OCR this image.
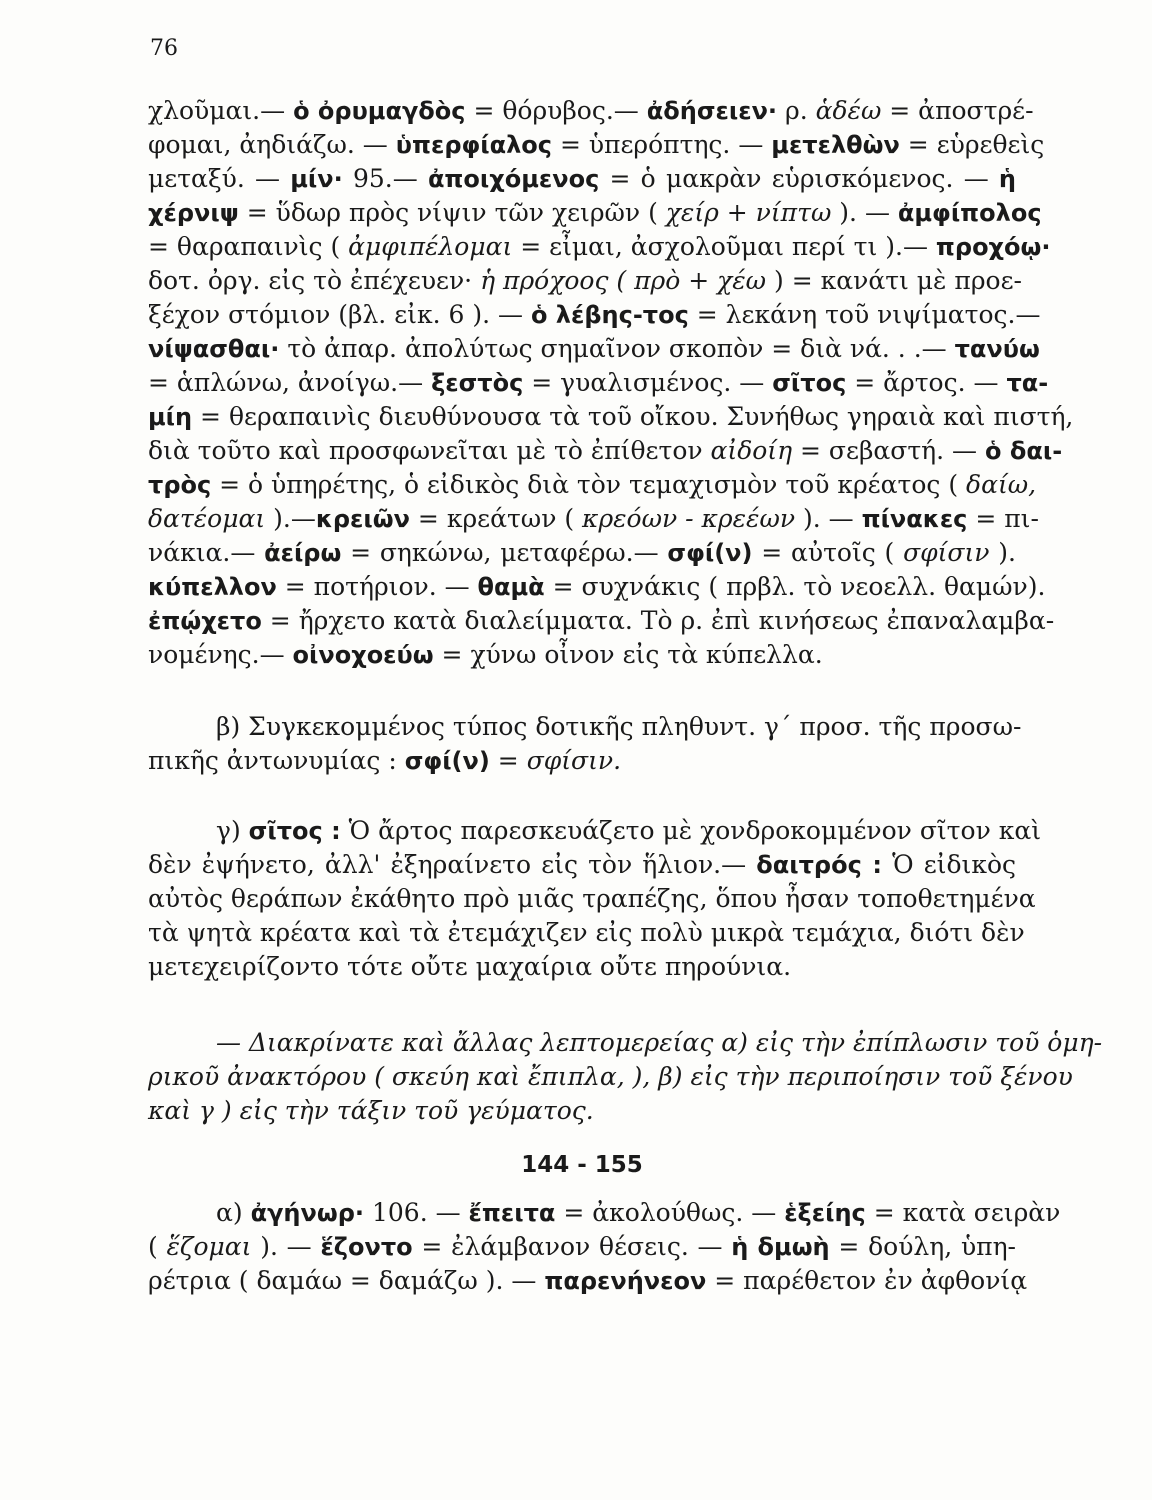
76
χλοῦμαι.— ὁ ὀρυμαγδὸς = θόρυβος.— ἀδήσειεν· ρ. ἁδέω = ἀποστρέ-
φομαι, ἀηδιάζω. — ὑπερφίαλος = ὑπερόπτης. — μετελθὼν = εὑρεθεὶς
μεταξύ. — μίν· 95.— ἀποιχόμενος = ὁ μακρὰν εὑρισκόμενος. — ἡ
χέρνιψ = ὕδωρ πρὸς νίψιν τῶν χειρῶν ( χείρ + νίπτω ). — ἀμφίπολος
= θαραπαινὶς ( ἀμφιπέλομαι = εἶμαι, ἀσχολοῦμαι περί τι ).— προχόῳ·
δοτ. ὀργ. εἰς τὸ ἐπέχευεν· ἡ πρόχοος ( πρὸ + χέω ) = κανάτι μὲ προε-
ξέχον στόμιον (βλ. εἰκ. 6 ). — ὁ λέβης-τος = λεκάνη τοῦ νιψίματος.—
νίψασθαι· τὸ ἀπαρ. ἀπολύτως σημαῖνον σκοπὸν = διὰ νά. . .— τανύω
= ἁπλώνω, ἀνοίγω.— ξεστὸς = γυαλισμένος. — σῖτος = ἄρτος. — τα-
μίη = θεραπαινὶς διευθύνουσα τὰ τοῦ οἴκου. Συνήθως γηραιὰ καὶ πιστή,
διὰ τοῦτο καὶ προσφωνεῖται μὲ τὸ ἐπίθετον αἰδοίη = σεβαστή. — ὁ δαι-
τρὸς = ὁ ὑπηρέτης, ὁ εἰδικὸς διὰ τὸν τεμαχισμὸν τοῦ κρέατος ( δαίω,
δατέομαι ).—κρειῶν = κρεάτων ( κρεόων - κρεέων ). — πίνακες = πι-
νάκια.— ἀείρω = σηκώνω, μεταφέρω.— σφί(ν) = αὐτοῖς ( σφίσιν ).
κύπελλον = ποτήριον. — θαμὰ = συχνάκις ( πρβλ. τὸ νεοελλ. θαμών).
ἐπῴχετο = ἤρχετο κατὰ διαλείμματα. Τὸ ρ. ἐπὶ κινήσεως ἐπαναλαμβα-
νομένης.— οἰνοχοεύω = χύνω οἶνον εἰς τὰ κύπελλα.
β) Συγκεκομμένος τύπος δοτικῆς πληθυντ. γ΄ προσ. τῆς προσω-
πικῆς ἀντωνυμίας : σφί(ν) = σφίσιν.
γ) σῖτος : Ὁ ἄρτος παρεσκευάζετο μὲ χονδροκομμένον σῖτον καὶ
δὲν ἐψήνετο, ἀλλ' ἐξηραίνετο εἰς τὸν ἥλιον.— δαιτρός : Ὁ εἰδικὸς
αὐτὸς θεράπων ἐκάθητο πρὸ μιᾶς τραπέζης, ὅπου ἦσαν τοποθετημένα
τὰ ψητὰ κρέατα καὶ τὰ ἐτεμάχιζεν εἰς πολὺ μικρὰ τεμάχια, διότι δὲν
μετεχειρίζοντο τότε οὔτε μαχαίρια οὔτε πηρούνια.
— Διακρίνατε καὶ ἄλλας λεπτομερείας α) εἰς τὴν ἐπίπλωσιν τοῦ ὁμη-
ρικοῦ ἀνακτόρου ( σκεύη καὶ ἔπιπλα, ), β) εἰς τὴν περιποίησιν τοῦ ξένου
καὶ γ ) εἰς τὴν τάξιν τοῦ γεύματος.
144 - 155
α) ἀγήνωρ· 106. — ἔπειτα = ἀκολούθως. — ἑξείης = κατὰ σειρὰν
( ἕζομαι ). — ἕζοντο = ἐλάμβανον θέσεις. — ἡ δμωὴ = δούλη, ὑπη-
ρέτρια ( δαμάω = δαμάζω ). — παρενήνεον = παρέθετον ἐν ἀφθονίᾳ
